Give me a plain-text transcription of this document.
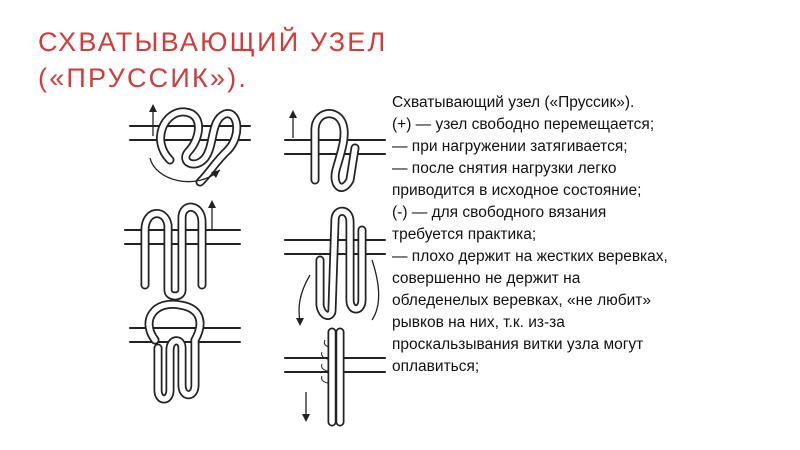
СХВАТЫВАЮЩИЙ УЗЕЛ
(«ПРУССИК»).

Схватывающий узел («Пруссик»).

(+) — узел свободно перемещается;

— при нагружении затягивается;

— после снятия нагрузки легко

приводится в исходное состояние;

(-) — для свободного вязания

требуется практика;

— плохо держит на жестких веревках,

совершенно не держит на

обледенелых веревках, «не любит»

рывков на них, т.к. из-за

проскальзывания витки узла могут

оплавиться;
